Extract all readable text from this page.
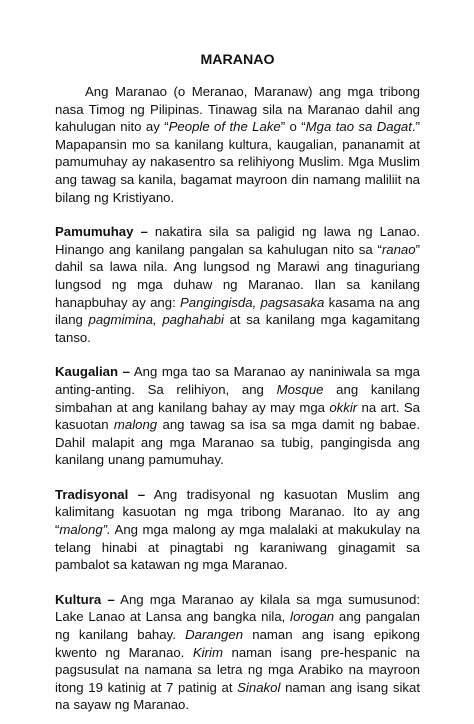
MARANAO

Ang Maranao (o Meranao, Maranaw) ang mga tribong nasa Timog ng Pilipinas. Tinawag sila na Maranao dahil ang kahulugan nito ay “People of the Lake” o “Mga tao sa Dagat.” Mapapansin mo sa kanilang kultura, kaugalian, pananamit at pamumuhay ay nakasentro sa relihiyong Muslim. Mga Muslim ang tawag sa kanila, bagamat mayroon din namang maliliit na bilang ng Kristiyano.

Pamumuhay – nakatira sila sa paligid ng lawa ng Lanao. Hinango ang kanilang pangalan sa kahulugan nito sa “ranao” dahil sa lawa nila. Ang lungsod ng Marawi ang tinaguriang lungsod ng mga duhaw ng Maranao. Ilan sa kanilang hanapbuhay ay ang: Pangingisda, pagsasaka kasama na ang ilang pagmimina, paghahabi at sa kanilang mga kagamitang tanso.

Kaugalian – Ang mga tao sa Maranao ay naniniwala sa mga anting-anting. Sa relihiyon, ang Mosque ang kanilang simbahan at ang kanilang bahay ay may mga okkir na art. Sa kasuotan malong ang tawag sa isa sa mga damit ng babae. Dahil malapit ang mga Maranao sa tubig, pangingisda ang kanilang unang pamumuhay.

Tradisyonal – Ang tradisyonal ng kasuotan Muslim ang kalimitang kasuotan ng mga tribong Maranao. Ito ay ang “malong”. Ang mga malong ay mga malalaki at makukulay na telang hinabi at pinagtabi ng karaniwang ginagamit sa pambalot sa katawan ng mga Maranao.

Kultura – Ang mga Maranao ay kilala sa mga sumusunod: Lake Lanao at Lansa ang bangka nila, lorogan ang pangalan ng kanilang bahay. Darangen naman ang isang epikong kwento ng Maranao. Kirim naman isang pre-hespanic na pagsusulat na namana sa letra ng mga Arabiko na mayroon itong 19 katinig at 7 patinig at Sinakol naman ang isang sikat na sayaw ng Maranao.
